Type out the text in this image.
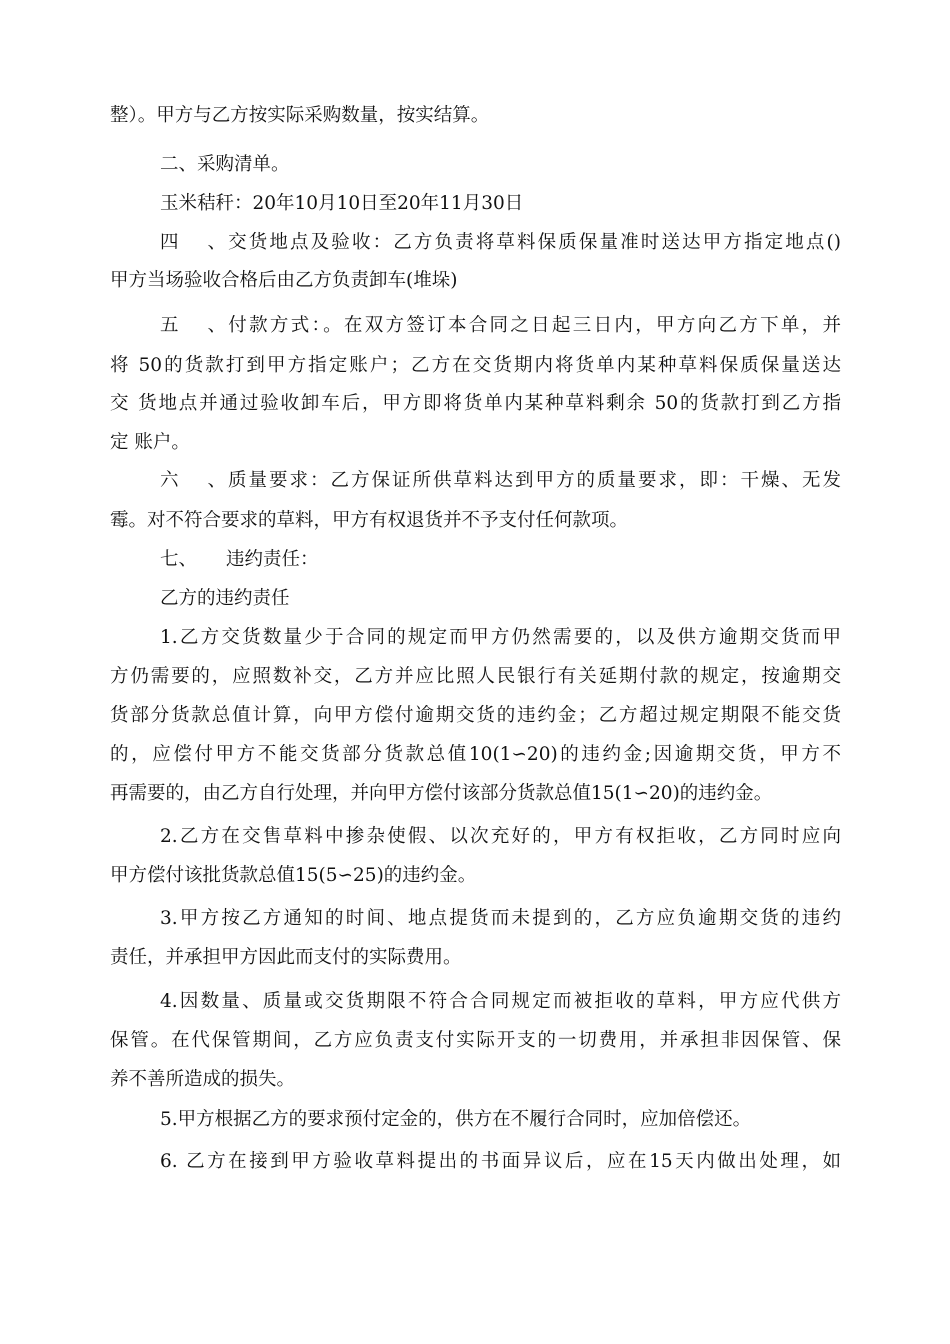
整）。甲方与乙方按实际采购数量，按实结算。
二、采购清单。
玉米秸秆：20年10月10日至20年11月30日
四、交货地点及验收：乙方负责将草料保质保量准时送达甲方指定地点()
甲方当场验收合格后由乙方负责卸车(堆垛)
五、付款方式：。在双方签订本合同之日起三日内，甲方向乙方下单，并
将 50的货款打到甲方指定账户；乙方在交货期内将货单内某种草料保质保量送达
交 货地点并通过验收卸车后，甲方即将货单内某种草料剩余 50的货款打到乙方指
定 账户。
六、质量要求：乙方保证所供草料达到甲方的质量要求，即：干燥、无发
霉。对不符合要求的草料，甲方有权退货并不予支付任何款项。
七、 违约责任：
乙方的违约责任
1.乙方交货数量少于合同的规定而甲方仍然需要的，以及供方逾期交货而甲
方仍需要的，应照数补交，乙方并应比照人民银行有关延期付款的规定，按逾期交
货部分货款总值计算，向甲方偿付逾期交货的违约金；乙方超过规定期限不能交货
的，应偿付甲方不能交货部分货款总值10(1∽20)的违约金;因逾期交货，甲方不
再需要的，由乙方自行处理，并向甲方偿付该部分货款总值15(1∽20)的违约金。
2.乙方在交售草料中掺杂使假、以次充好的，甲方有权拒收，乙方同时应向
甲方偿付该批货款总值15(5∽25)的违约金。
3.甲方按乙方通知的时间、地点提货而未提到的，乙方应负逾期交货的违约
责任，并承担甲方因此而支付的实际费用。
4.因数量、质量或交货期限不符合合同规定而被拒收的草料，甲方应代供方
保管。在代保管期间，乙方应负责支付实际开支的一切费用，并承担非因保管、保
养不善所造成的损失。
5.甲方根据乙方的要求预付定金的，供方在不履行合同时，应加倍偿还。
6. 乙方在接到甲方验收草料提出的书面异议后，应在15天内做出处理，如
